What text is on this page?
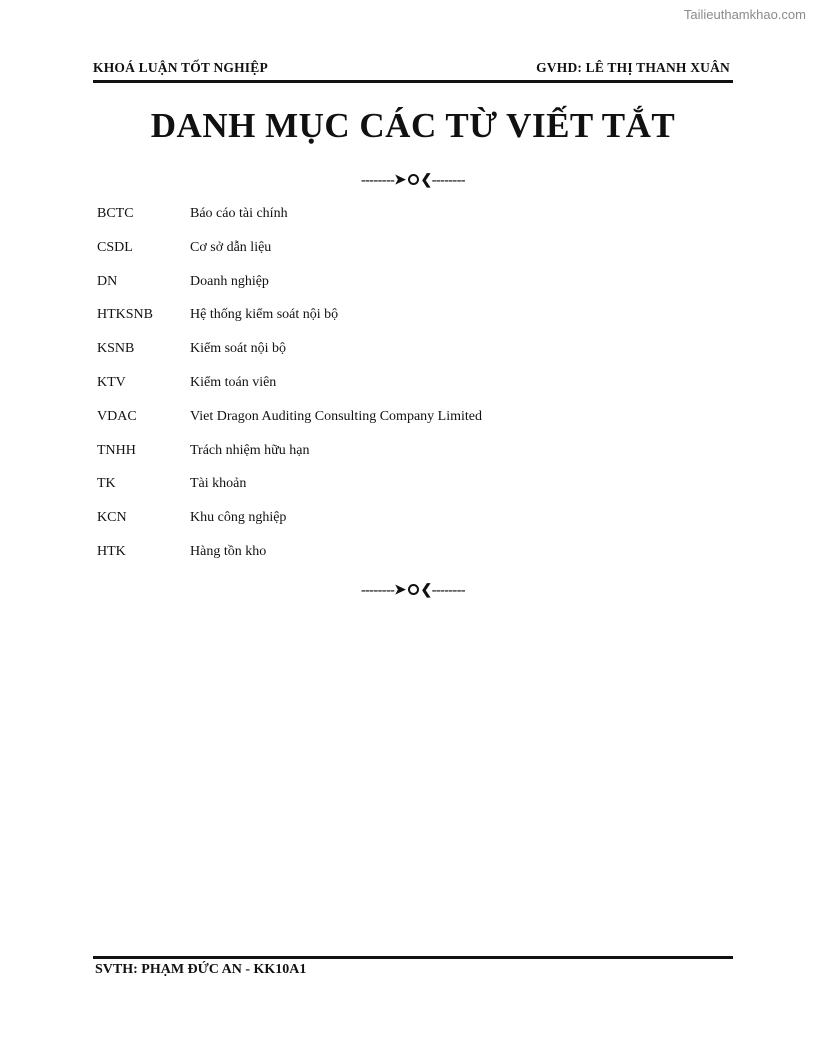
Tailieuthamkhao.com
KHOÁ LUẬN TỐT NGHIỆP	GVHD: LÊ THỊ THANH XUÂN
DANH MỤC CÁC TỪ VIẾT TẮT
--------➤ ❮--------
BCTC	Báo cáo tài chính
CSDL	Cơ sở dẫn liệu
DN	Doanh nghiệp
HTKSNB	Hệ thống kiểm soát nội bộ
KSNB	Kiểm soát nội bộ
KTV	Kiểm toán viên
VDAC	Viet Dragon Auditing Consulting Company Limited
TNHH	Trách nhiệm hữu hạn
TK	Tài khoản
KCN	Khu công nghiệp
HTK	Hàng tồn kho
--------➤ ❮--------
SVTH: PHẠM ĐỨC AN - KK10A1
